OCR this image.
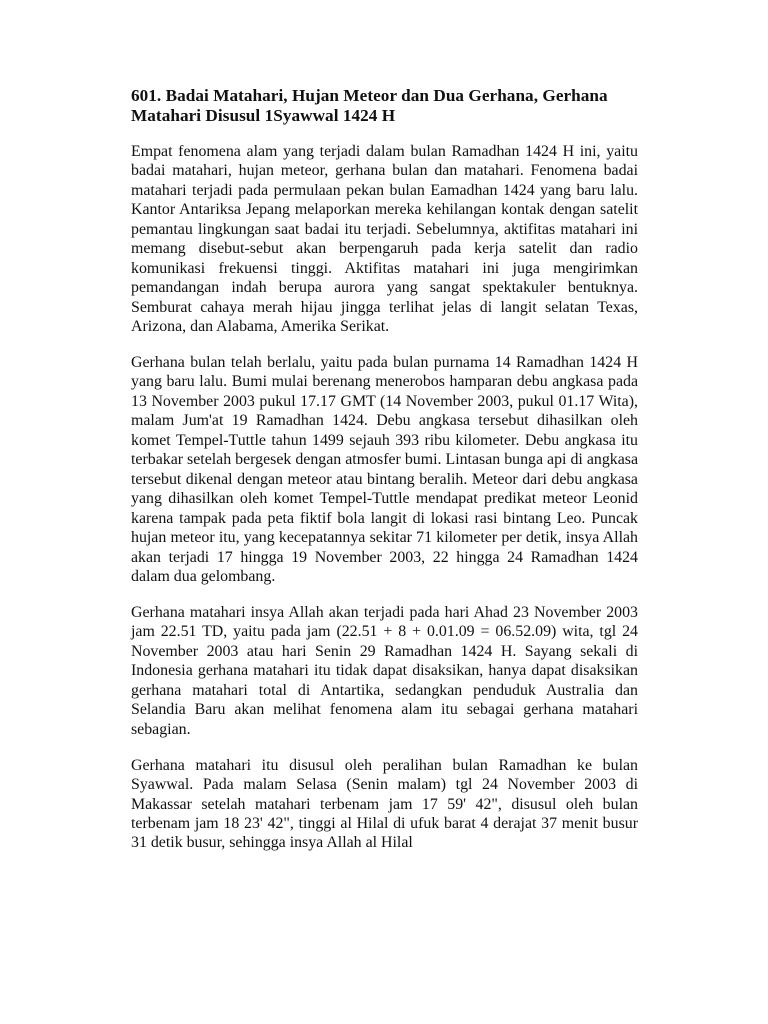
601. Badai Matahari, Hujan Meteor dan Dua Gerhana, Gerhana Matahari Disusul 1Syawwal 1424 H
Empat fenomena alam yang terjadi dalam bulan Ramadhan 1424 H ini, yaitu badai matahari, hujan meteor, gerhana bulan dan matahari. Fenomena badai matahari terjadi pada permulaan pekan bulan Eamadhan 1424 yang baru lalu. Kantor Antariksa Jepang melaporkan mereka kehilangan kontak dengan satelit pemantau lingkungan saat badai itu terjadi. Sebelumnya, aktifitas matahari ini memang disebut-sebut akan berpengaruh pada kerja satelit dan radio komunikasi frekuensi tinggi. Aktifitas matahari ini juga mengirimkan pemandangan indah berupa aurora yang sangat spektakuler bentuknya. Semburat cahaya merah hijau jingga terlihat jelas di langit selatan Texas, Arizona, dan Alabama, Amerika Serikat.
Gerhana bulan telah berlalu, yaitu pada bulan purnama 14 Ramadhan 1424 H yang baru lalu. Bumi mulai berenang menerobos hamparan debu angkasa pada 13 November 2003 pukul 17.17 GMT (14 November 2003, pukul 01.17 Wita), malam Jum'at 19 Ramadhan 1424. Debu angkasa tersebut dihasilkan oleh komet Tempel-Tuttle tahun 1499 sejauh 393 ribu kilometer. Debu angkasa itu terbakar setelah bergesek dengan atmosfer bumi. Lintasan bunga api di angkasa tersebut dikenal dengan meteor atau bintang beralih. Meteor dari debu angkasa yang dihasilkan oleh komet Tempel-Tuttle mendapat predikat meteor Leonid karena tampak pada peta fiktif bola langit di lokasi rasi bintang Leo. Puncak hujan meteor itu, yang kecepatannya sekitar 71 kilometer per detik, insya Allah akan terjadi 17 hingga 19 November 2003, 22 hingga 24 Ramadhan 1424 dalam dua gelombang.
Gerhana matahari insya Allah akan terjadi pada hari Ahad 23 November 2003 jam 22.51 TD, yaitu pada jam (22.51 + 8 + 0.01.09 = 06.52.09) wita, tgl 24 November 2003 atau hari Senin 29 Ramadhan 1424 H. Sayang sekali di Indonesia gerhana matahari itu tidak dapat disaksikan, hanya dapat disaksikan gerhana matahari total di Antartika, sedangkan penduduk Australia dan Selandia Baru akan melihat fenomena alam itu sebagai gerhana matahari sebagian.
Gerhana matahari itu disusul oleh peralihan bulan Ramadhan ke bulan Syawwal. Pada malam Selasa (Senin malam) tgl 24 November 2003 di Makassar setelah matahari terbenam jam 17 59' 42", disusul oleh bulan terbenam jam 18 23' 42", tinggi al Hilal di ufuk barat 4 derajat 37 menit busur 31 detik busur, sehingga insya Allah al Hilal
